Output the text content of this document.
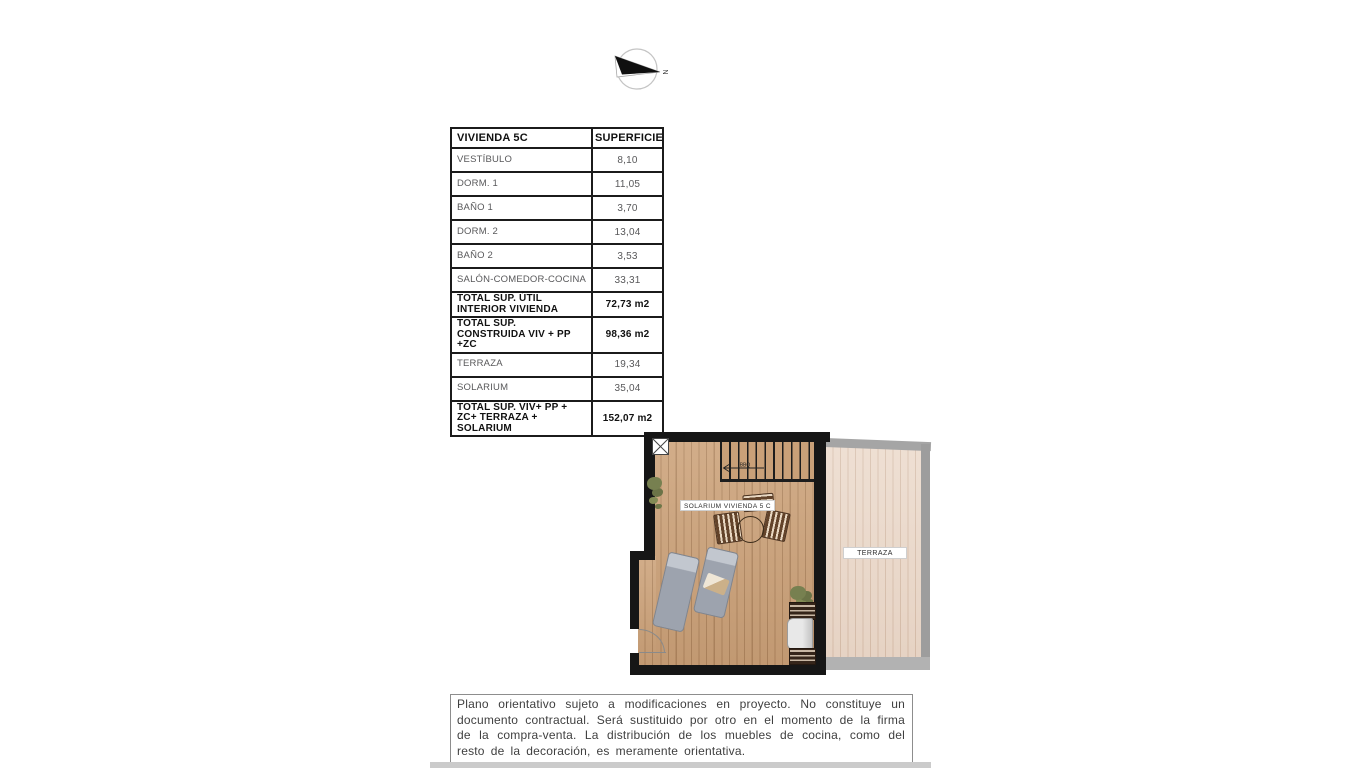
N
VIVIENDA 5C	SUPERFICIE
VESTÍBULO	8,10
DORM. 1	11,05
BAÑO 1	3,70
DORM. 2	13,04
BAÑO 2	3,53
SALÓN-COMEDOR-COCINA	33,31
TOTAL SUP. ÚTIL INTERIOR VIVIENDA	72,73 m2
TOTAL SUP. CONSTRUIDA VIV + PP +ZC	98,36 m2
TERRAZA	19,34
SOLARIUM	35,04
TOTAL SUP. VIV+ PP + ZC+ TERRAZA + SOLARIUM	152,07 m2
BBQ
SOLARIUM VIVIENDA 5 C
TERRAZA
Plano orientativo sujeto a modificaciones en proyecto. No constituye un documento contractual. Será sustituido por otro en el momento de la firma de la compra-venta. La distribución de los muebles de cocina, como del resto de la decoración, es meramente orientativa.
